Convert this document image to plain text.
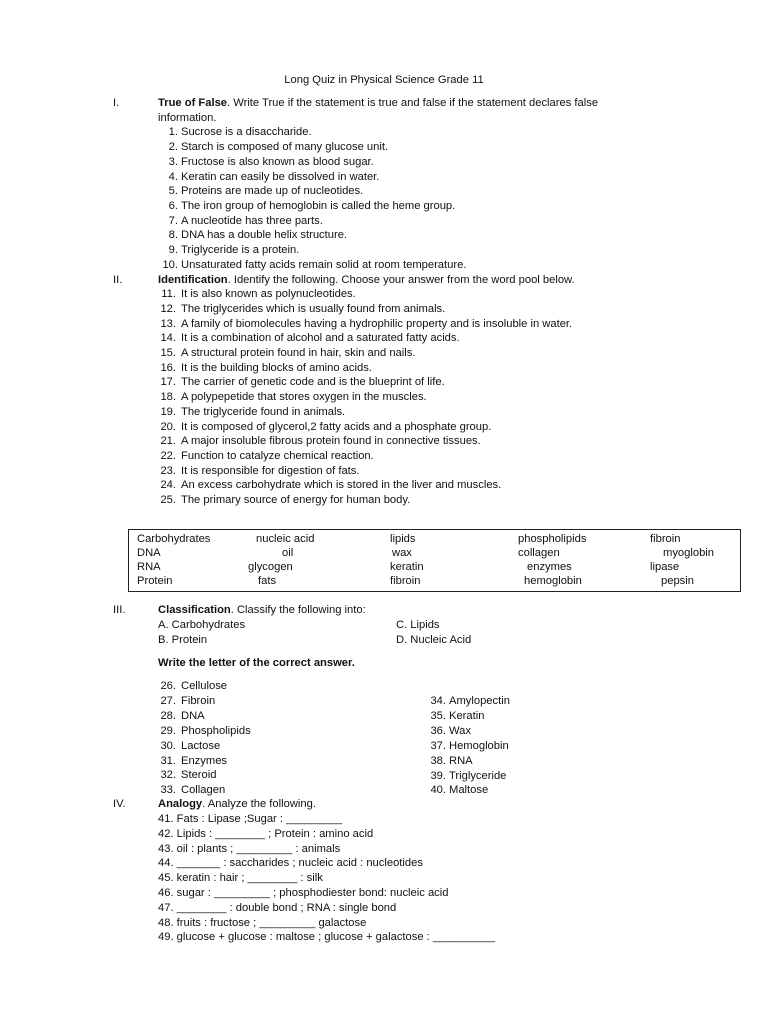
Long Quiz in Physical Science Grade 11
I.	True of False. Write True if the statement is true and false if the statement declares false
information.
1. Sucrose is a disaccharide.
2. Starch is composed of many glucose unit.
3. Fructose is also known as blood sugar.
4. Keratin can easily be dissolved in water.
5. Proteins are made up of nucleotides.
6. The iron group of hemoglobin is called the heme group.
7. A nucleotide has three parts.
8. DNA has a double helix structure.
9. Triglyceride is a protein.
10. Unsaturated fatty acids remain solid at room temperature.
II.	Identification. Identify the following. Choose your answer from the word pool below.
11. It is also known as polynucleotides.
12. The triglycerides which is usually found from animals.
13. A family of biomolecules having a hydrophilic property and is insoluble in water.
14. It is a combination of alcohol and a saturated fatty acids.
15. A structural protein found in hair, skin and nails.
16. It is the building blocks of amino acids.
17. The carrier of genetic code and is the blueprint of life.
18. A polypepetide that stores oxygen in the muscles.
19. The triglyceride found in animals.
20. It is composed of glycerol,2 fatty acids and a phosphate group.
21. A major insoluble fibrous protein found in connective tissues.
22. Function to catalyze chemical reaction.
23. It is responsible for digestion of fats.
24. An excess carbohydrate which is stored in the liver and muscles.
25. The primary source of energy for human body.
Carbohydrates	nucleic acid	lipids	phospholipids	fibroin
DNA	oil	wax	collagen	myoglobin
RNA	glycogen	keratin	enzymes	lipase
Protein	fats	fibroin	hemoglobin	pepsin
III.	Classification. Classify the following into:
A. Carbohydrates
B. Protein
C. Lipids
D. Nucleic Acid
Write the letter of the correct answer.
26. Cellulose
27. Fibroin
28. DNA
29. Phospholipids
30. Lactose
31. Enzymes
32. Steroid
33. Collagen
34. Amylopectin
35. Keratin
36. Wax
37. Hemoglobin
38. RNA
39. Triglyceride
40. Maltose
IV.	Analogy. Analyze the following.
41. Fats : Lipase ;Sugar : _________
42. Lipids : ________ ; Protein : amino acid
43. oil : plants ; _________ : animals
44. _______ : saccharides ; nucleic acid : nucleotides
45. keratin : hair ; ________ : silk
46. sugar : _________ ; phosphodiester bond: nucleic acid
47. ________ : double bond ; RNA : single bond
48. fruits : fructose ; _________ galactose
49. glucose + glucose : maltose ; glucose + galactose : __________
